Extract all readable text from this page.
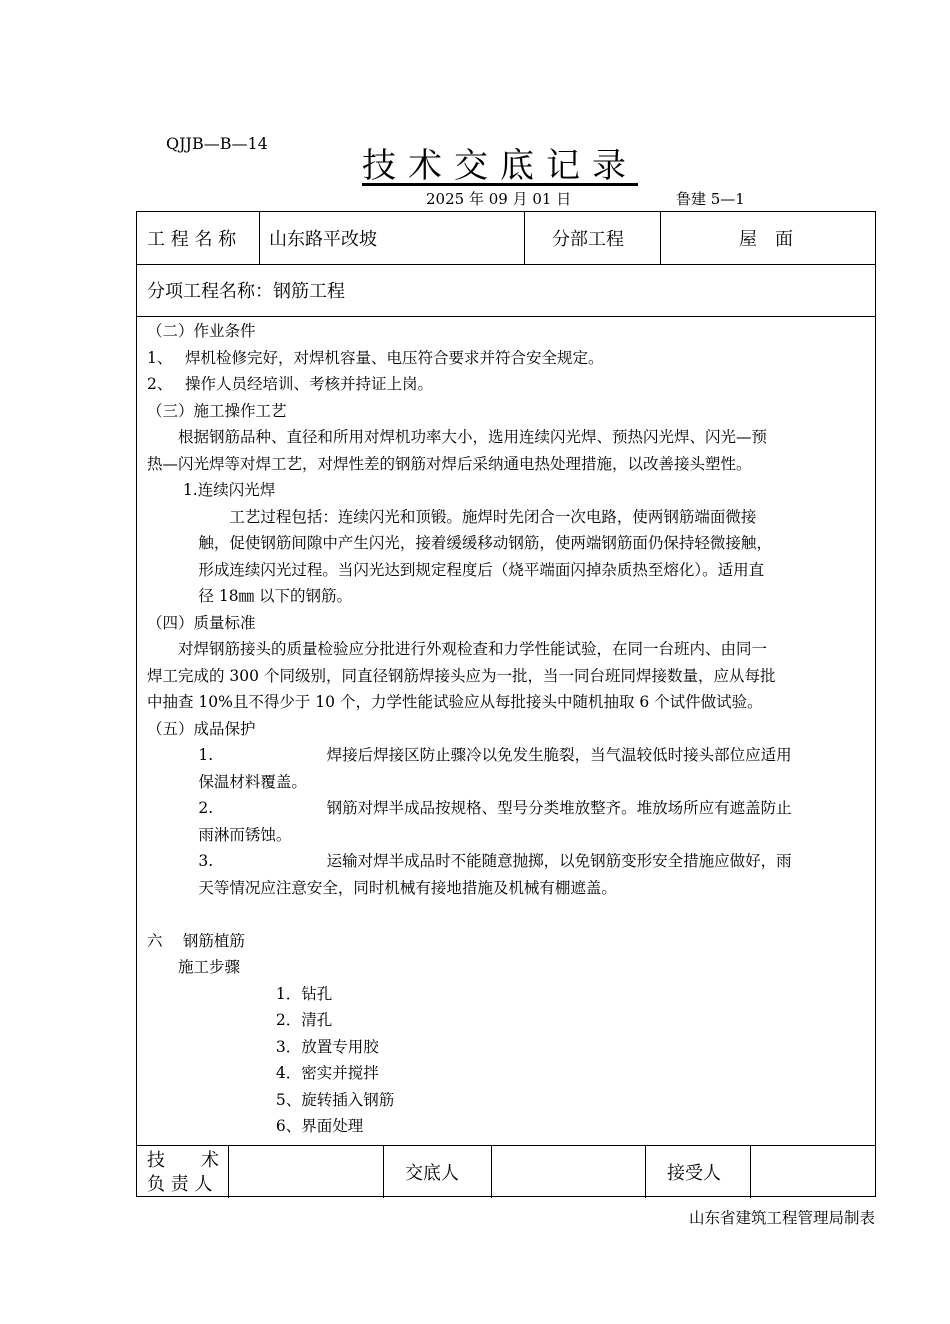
QJJB—B—14
技术交底记录
2025 年 09 月 01 日	鲁建 5—1
工 程 名 称 山东路平改坡	分部工程	屋　面
分项工程名称：钢筋工程

（二）作业条件

1、　 焊机检修完好，对焊机容量、电压符合要求并符合安全规定。

2、　 操作人员经培训、考核并持证上岗。

（三）施工操作工艺

　　根据钢筋品种、直径和所用对焊机功率大小，选用连续闪光焊、预热闪光焊、闪光—预

热—闪光焊等对焊工艺，对焊性差的钢筋对焊后采纳通电热处理措施，以改善接头塑性。

　　 1.连续闪光焊

　　　　　 工艺过程包括：连续闪光和顶锻。施焊时先闭合一次电路，使两钢筋端面微接

　　　 触，促使钢筋间隙中产生闪光，接着缓缓移动钢筋，使两端钢筋面仍保持轻微接触，

　　　 形成连续闪光过程。当闪光达到规定程度后（烧平端面闪掉杂质热至熔化）。适用直

　　　 径 18㎜ 以下的钢筋。

（四）质量标准

　　对焊钢筋接头的质量检验应分批进行外观检查和力学性能试验，在同一台班内、由同一

焊工完成的 300 个同级别，同直径钢筋焊接头应为一批，当一同台班同焊接数量，应从每批

中抽查 10%且不得少于 10 个，力学性能试验应从每批接头中随机抽取 6 个试件做试验。

（五）成品保护

　　　 1.　　　　　　　 焊接后焊接区防止骤冷以免发生脆裂，当气温较低时接头部位应适用

　　　 保温材料覆盖。

　　　 2.　　　　　　　 钢筋对焊半成品按规格、型号分类堆放整齐。堆放场所应有遮盖防止

　　　 雨淋而锈蚀。

　　　 3.　　　　　　　 运输对焊半成品时不能随意抛掷，以免钢筋变形安全措施应做好，雨

　　　 天等情况应注意安全，同时机械有接地措施及机械有棚遮盖。

六　 钢筋植筋

　　施工步骤

　　　　　　　　 1．钻孔

　　　　　　　　 2．清孔

　　　　　　　　 3．放置专用胶

　　　　　　　　 4．密实并搅拌

　　　　　　　　 5、旋转插入钢筋

　　　　　　　　 6、界面处理

技　　术
负 责 人
交底人	接受人
山东省建筑工程管理局制表
